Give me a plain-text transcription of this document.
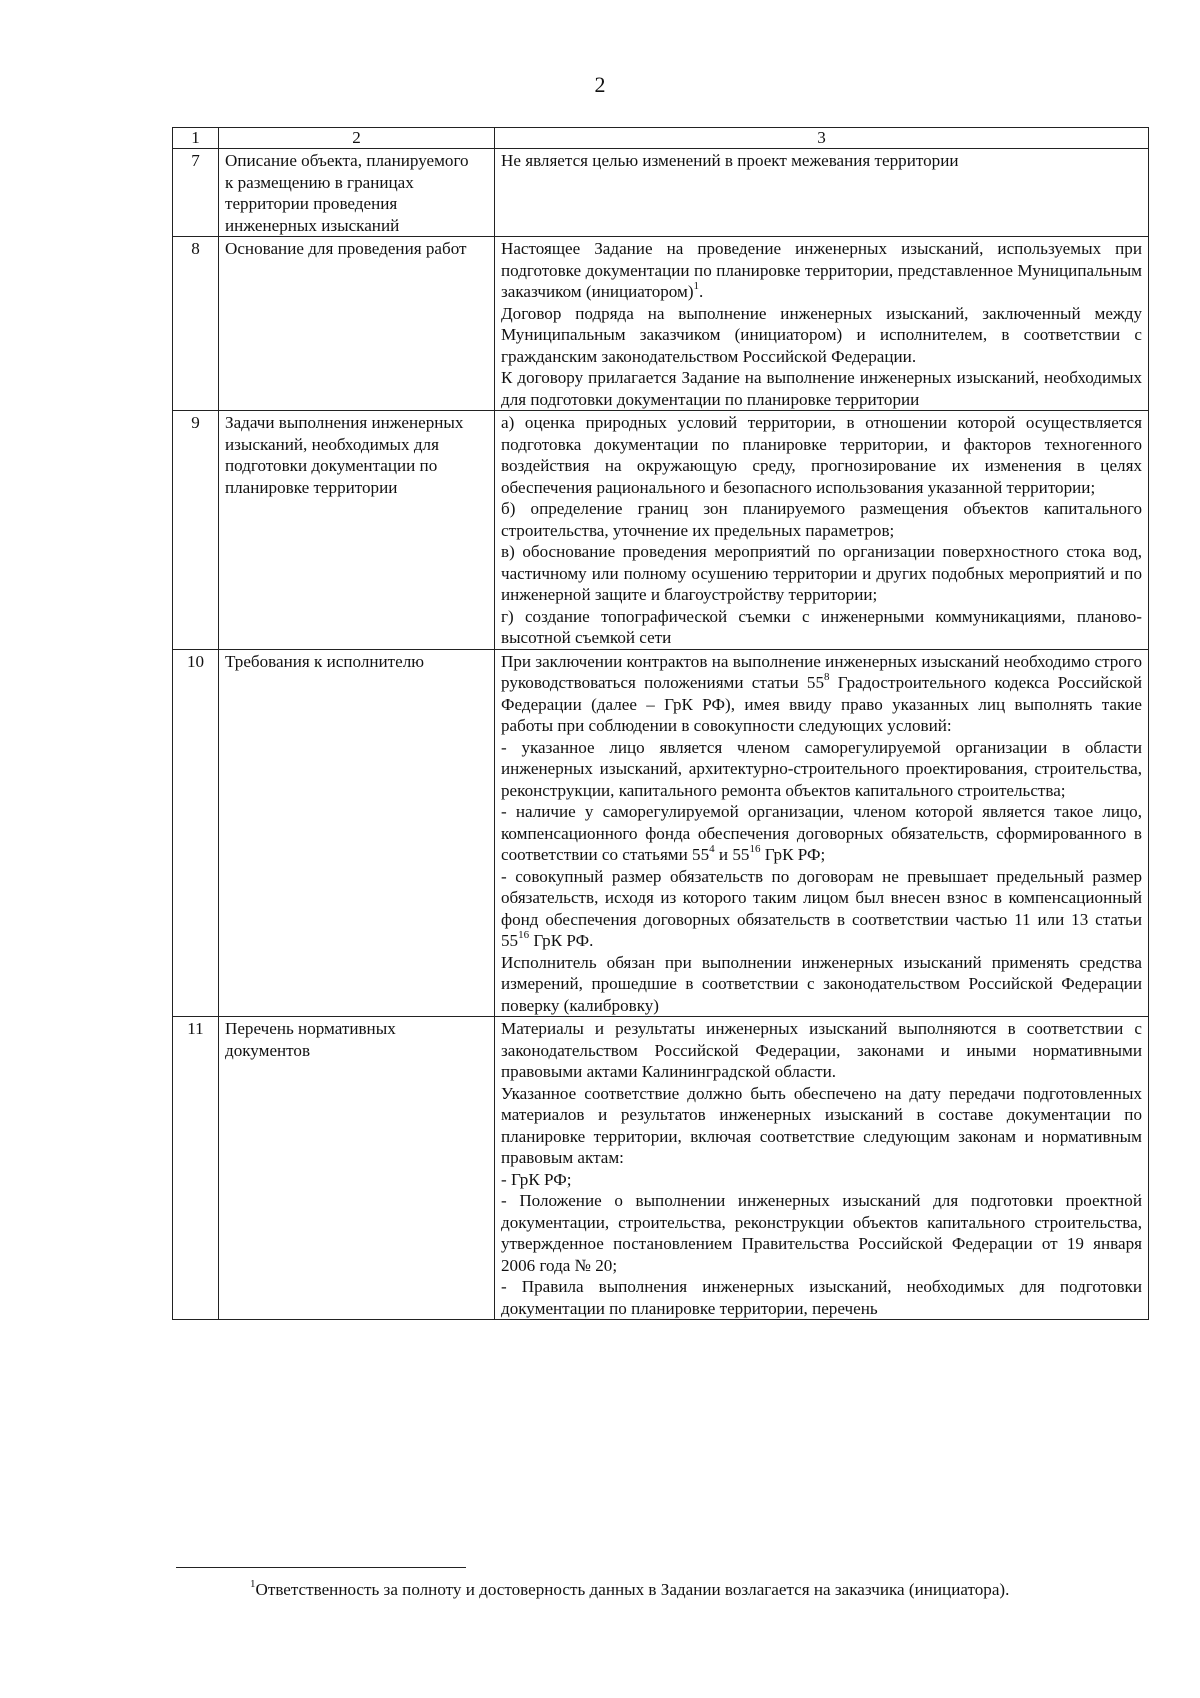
2
1	2	3
7	Описание объекта, планируемого к размещению в границах территории проведения инженерных изысканий	Не является целью изменений в проект межевания территории

8	Основание для проведения работ	Настоящее Задание на проведение инженерных изысканий, используемых при подготовке документации по планировке территории, представленное Муниципальным заказчиком (инициатором)$^1$.

Договор подряда на выполнение инженерных изысканий, заключенный между Муниципальным заказчиком (инициатором) и исполнителем, в соответствии с гражданским законодательством Российской Федерации.

К договору прилагается Задание на выполнение инженерных изысканий, необходимых для подготовки документации по планировке территории

9	Задачи выполнения инженерных изысканий, необходимых для подготовки документации по планировке территории	а) оценка природных условий территории, в отношении которой осуществляется подготовка документации по планировке территории, и факторов техногенного воздействия на окружающую среду, прогнозирование их изменения в целях обеспечения рационального и безопасного использования указанной территории;

б) определение границ зон планируемого размещения объектов капитального строительства, уточнение их предельных параметров;

в) обоснование проведения мероприятий по организации поверхностного стока вод, частичному или полному осушению территории и других подобных мероприятий и по инженерной защите и благоустройству территории;

г) создание топографической съемки с инженерными коммуникациями, планово-высотной съемкой сети

10	Требования к исполнителю	При заключении контрактов на выполнение инженерных изысканий необходимо строго руководствоваться положениями статьи $55^8$ Градостроительного кодекса Российской Федерации (далее – ГрК РФ), имея ввиду право указанных лиц выполнять такие работы при соблюдении в совокупности следующих условий:

- указанное лицо является членом саморегулируемой организации в области инженерных изысканий, архитектурно-строительного проектирования, строительства, реконструкции, капитального ремонта объектов капитального строительства;

- наличие у саморегулируемой организации, членом которой является такое лицо, компенсационного фонда обеспечения договорных обязательств, сформированного в соответствии со статьями $55^4$ и $55^{16}$ ГрК РФ;

- совокупный размер обязательств по договорам не превышает предельный размер обязательств, исходя из которого таким лицом был внесен взнос в компенсационный фонд обеспечения договорных обязательств в соответствии частью 11 или 13 статьи $55^{16}$ ГрК РФ.

Исполнитель обязан при выполнении инженерных изысканий применять средства измерений, прошедшие в соответствии с законодательством Российской Федерации поверку (калибровку)

11	Перечень нормативных документов	Материалы и результаты инженерных изысканий выполняются в соответствии с законодательством Российской Федерации, законами и иными нормативными правовыми актами Калининградской области.

Указанное соответствие должно быть обеспечено на дату передачи подготовленных материалов и результатов инженерных изысканий в составе документации по планировке территории, включая соответствие следующим законам и нормативным правовым актам:

- ГрК РФ;

- Положение о выполнении инженерных изысканий для подготовки проектной документации, строительства, реконструкции объектов капитального строительства, утвержденное постановлением Правительства Российской Федерации от 19 января 2006 года № 20;

- Правила выполнения инженерных изысканий, необходимых для подготовки документации по планировке территории, перечень

$^1$Ответственность за полноту и достоверность данных в Задании возлагается на заказчика (инициатора).
